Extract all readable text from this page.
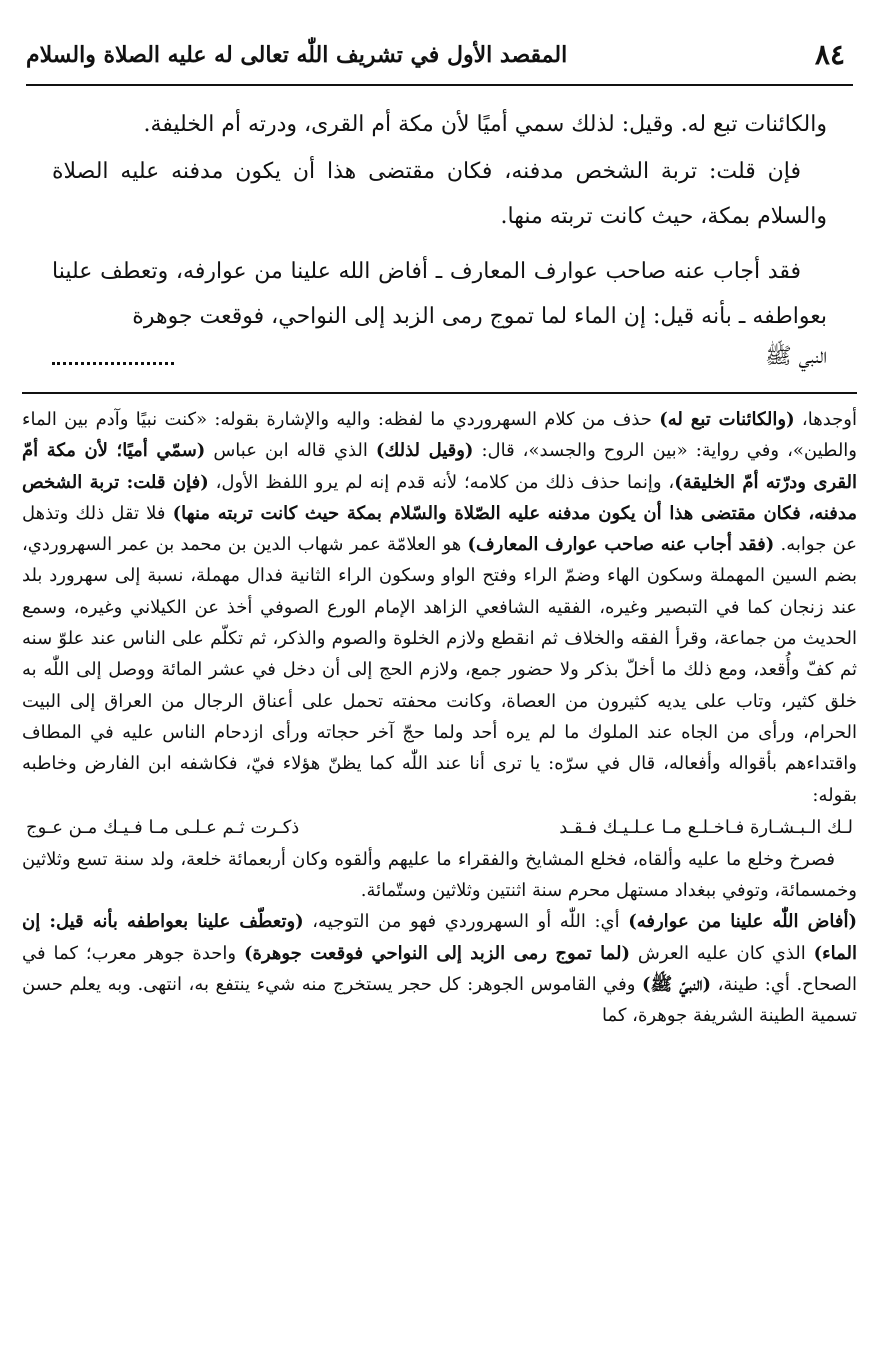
٨٤
المقصد الأول في تشريف اللّٰه تعالى له عليه الصلاة والسلام

والكائنات تبع له. وقيل: لذلك سمي أميًا لأن مكة أم القرى، ودرته أم الخليفة.

فإن قلت: تربة الشخص مدفنه، فكان مقتضى هذا أن يكون مدفنه عليه الصلاة والسلام بمكة، حيث كانت تربته منها.

فقد أجاب عنه صاحب عوارف المعارف ـ أفاض الله علينا من عوارفه، وتعطف علينا بعواطفه ـ بأنه قيل: إن الماء لما تموج رمى الزبد إلى النواحي، فوقعت جوهرة

النبي ﷺ

أوجدها، (والكائنات تبع له) حذف من كلام السهروردي ما لفظه: واليه والإشارة بقوله: «كنت نبيًا وآدم بين الماء والطين»، وفي رواية: «بين الروح والجسد»، قال: (وقيل لذلك) الذي قاله ابن عباس (سمّي أميًا؛ لأن مكة أمّ القرى ودرّته أمّ الخليقة)، وإنما حذف ذلك من كلامه؛ لأنه قدم إنه لم يرو اللفظ الأول، (فإن قلت: تربة الشخص مدفنه، فكان مقتضى هذا أن يكون مدفنه عليه الصّلاة والسّلام بمكة حيث كانت تربته منها) فلا تقل ذلك وتذهل عن جوابه. (فقد أجاب عنه صاحب عوارف المعارف) هو العلامّة عمر شهاب الدين بن محمد بن عمر السهروردي، بضم السين المهملة وسكون الهاء وضمّ الراء وفتح الواو وسكون الراء الثانية فدال مهملة، نسبة إلى سهرورد بلد عند زنجان كما في التبصير وغيره، الفقيه الشافعي الزاهد الإمام الورع الصوفي أخذ عن الكيلاني وغيره، وسمع الحديث من جماعة، وقرأ الفقه والخلاف ثم انقطع ولازم الخلوة والصوم والذكر، ثم تكلّم على الناس عند علوّ سنه ثم كفّ وأُقعد، ومع ذلك ما أخلّ بذكر ولا حضور جمع، ولازم الحج إلى أن دخل في عشر المائة ووصل إلى اللّٰه به خلق كثير، وتاب على يديه كثيرون من العصاة، وكانت محفته تحمل على أعناق الرجال من العراق إلى البيت الحرام، ورأى من الجاه عند الملوك ما لم يره أحد ولما حجّ آخر حجاته ورأى ازدحام الناس عليه في المطاف واقتداءهم بأقواله وأفعاله، قال في سرّه: يا ترى أنا عند اللّٰه كما يظنّ هؤلاء فيّ، فكاشفه ابن الفارض وخاطبه بقوله:

لـك الـبـشـارة فـاخـلـع مـا عـلـيـك فـقـد
ذكـرت ثـم عـلـى مـا فـيـك مـن عـوج

فصرخ وخلع ما عليه وألقاه، فخلع المشايخ والفقراء ما عليهم وألقوه وكان أربعمائة خلعة، ولد سنة تسع وثلاثين وخمسمائة، وتوفي ببغداد مستهل محرم سنة اثنتين وثلاثين وستّمائة.

(أفاض اللّٰه علينا من عوارفه) أي: اللّٰه أو السهروردي فهو من التوجيه، (وتعطّف علينا بعواطفه بأنه قيل: إن الماء) الذي كان عليه العرش (لما تموج رمى الزبد إلى النواحي فوقعت جوهرة) واحدة جوهر معرب؛ كما في الصحاح. أي: طينة، (النبيّ ﷺ) وفي القاموس الجوهر: كل حجر يستخرج منه شيء ينتفع به، انتهى. وبه يعلم حسن تسمية الطينة الشريفة جوهرة، كما
